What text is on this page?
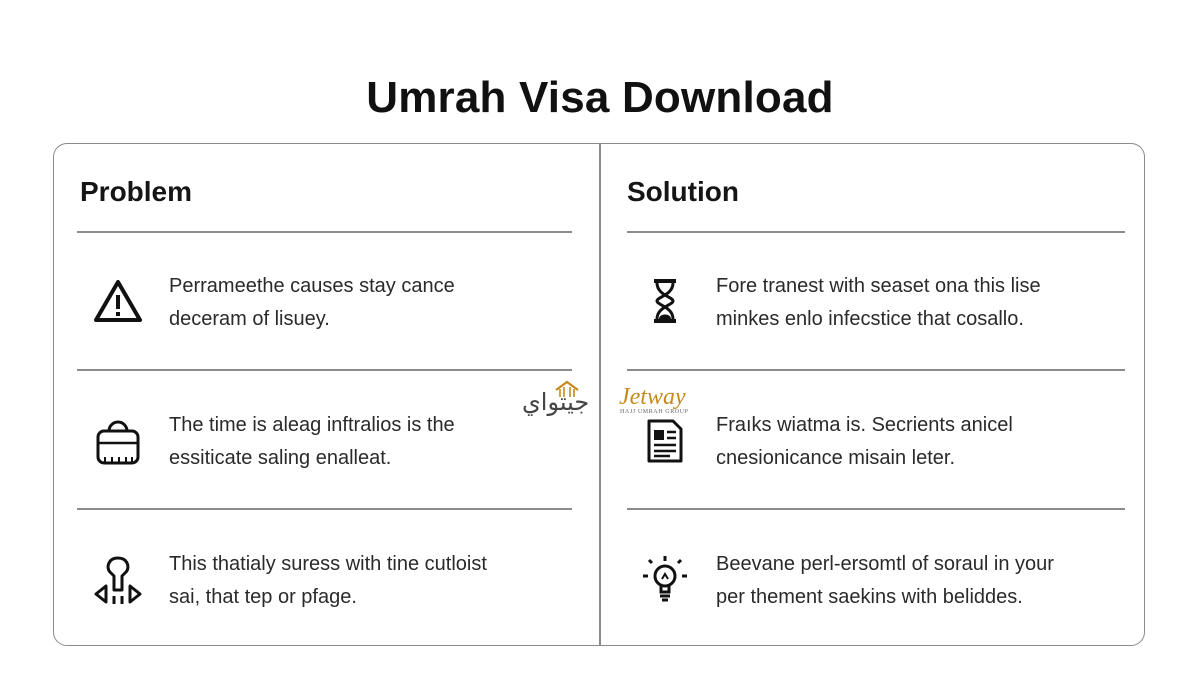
Umrah Visa Download
Problem
Perrameethe causes stay cance
deceram of lisuey.
The time is aleag inftralios is the
essiticate saling enalleat.
This thatialy suress with tine cutloist
sai, that tep or pfage.
Solution
Fore tranest with seaset ona this lise
minkes enlo infecstice that cosallo.
Fraıks wiatma is. Secrients anicel
cnesionicance misain leter.
Beevane perl-ersomtl of soraul in your
per thement saekins with beliddes.
جيتواي Jetway
HAJJ UMRAH GROUP
